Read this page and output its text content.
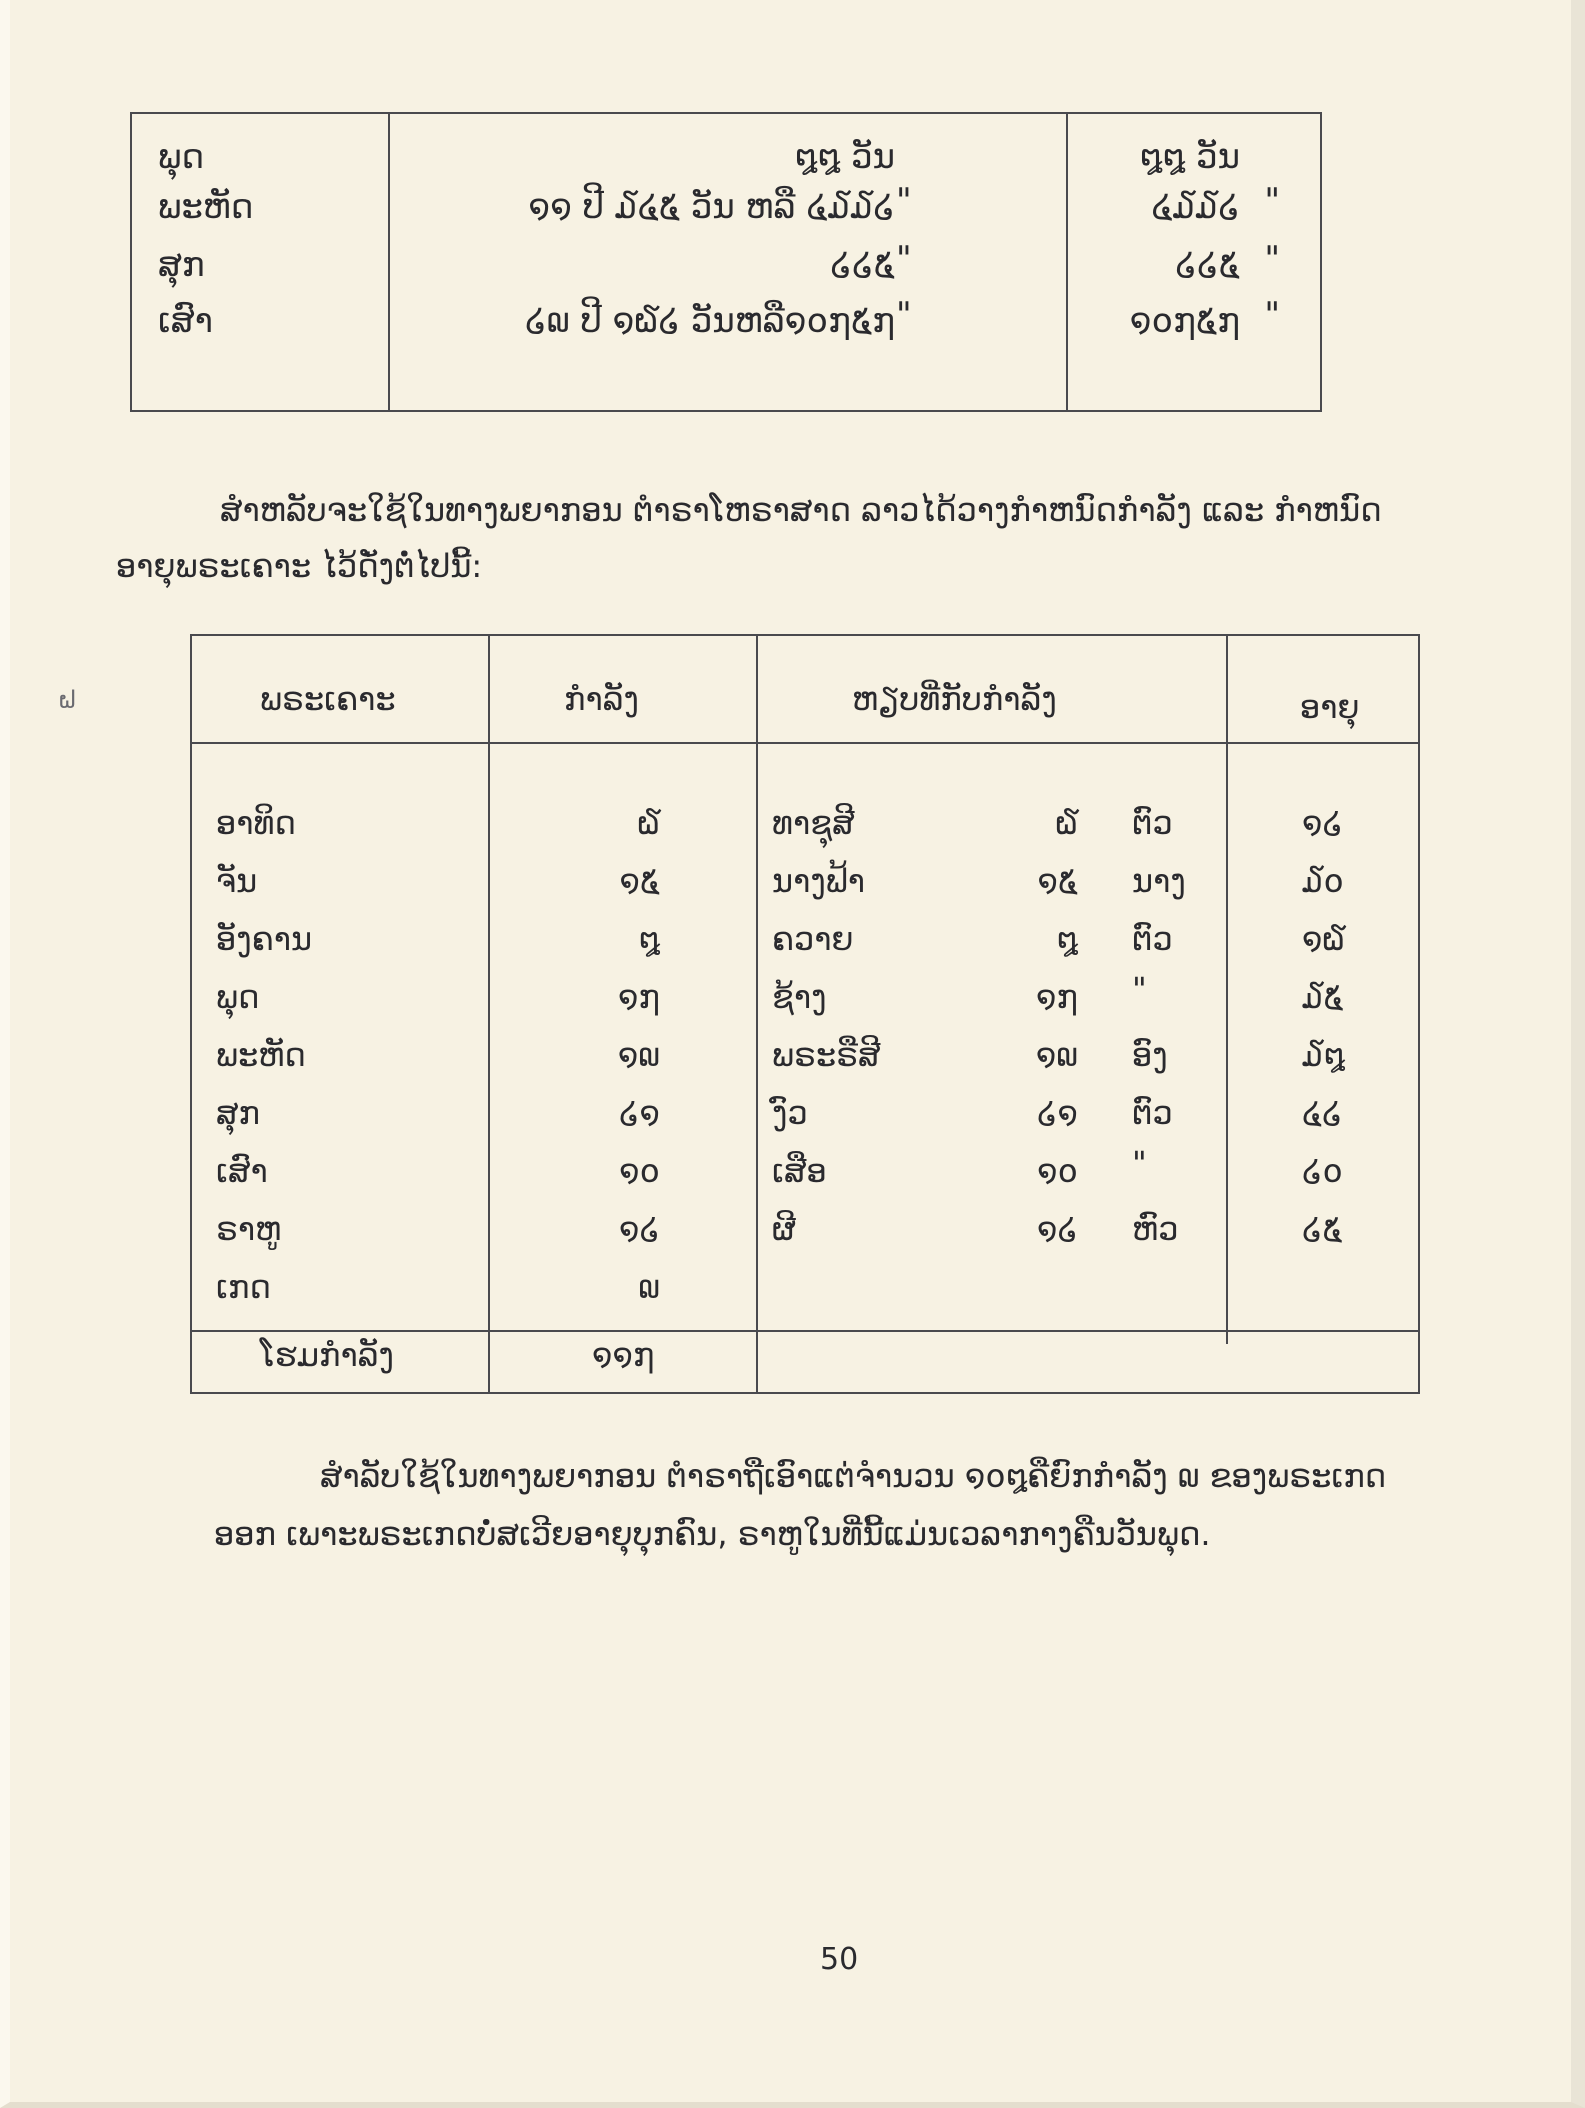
ພຸດ	໘໘ ວັນ	໘໘ ວັນ
ພະຫັດ	໑໑ ປີ ໓໔໕ ວັນ ຫລື ໔໓໓໒ "	໔໓໓໒ "
ສຸກ	໒໒໕ "	໒໒໕ "
ເສົາ	໒໙ ປີ ໑໖໒ ວັນຫລື໑໐໗໕໗ "	໑໐໗໕໗ "
ສຳຫລັບຈະໃຊ້ໃນທາງພຍາກອນ ຕຳຣາໂຫຣາສາດ ລາວໄດ້ວາງກຳຫນົດກຳລັງ ແລະ ກຳຫນົດ
ອາຍຸພຣະເຄາະ ໄວ້ດັ່ງຕໍ່ໄປນີ້:
ຝ	ພຣະເຄາະ	ກຳລັງ	ຫຽບທີ່ກັບກຳລັງ	ອາຍຸ
ອາທິດ	໖	ທາຊຸສີ	໖ ຕົວ	໑໒
ຈັນ	໑໕	ນາງຟ້າ	໑໕ ນາງ	໓໐
ອັງຄານ	໘	ຄວາຍ	໘ ຕົວ	໑໖
ພຸດ	໑໗	ຊ້າງ	໑໗ "	໓໕
ພະຫັດ	໑໙	ພຣະຣືສີ	໑໙ ອົງ	໓໘
ສຸກ	໒໑	ງົວ	໒໑ ຕົວ	໔໒
ເສົາ	໑໐	ເສືອ	໑໐ "	໒໐
ຣາຫູ	໑໒	ຜີ	໑໒ ຫົວ	໒໕
ເກດ	໙
ໂຮມກຳລັງ	໑໑໗
ສຳລັບໃຊ້ໃນທາງພຍາກອນ ຕຳຣາຖືເອົາແຕ່ຈຳນວນ ໑໐໘ຄືຍົກກຳລັງ ໙ ຂອງພຣະເກດ
ອອກ ເພາະພຣະເກດບໍ່ສເວີຍອາຍຸບຸກຄົນ, ຣາຫູໃນທີ່ນີ້ແມ່ນເວລາກາງຄືນວັນພຸດ.
50
